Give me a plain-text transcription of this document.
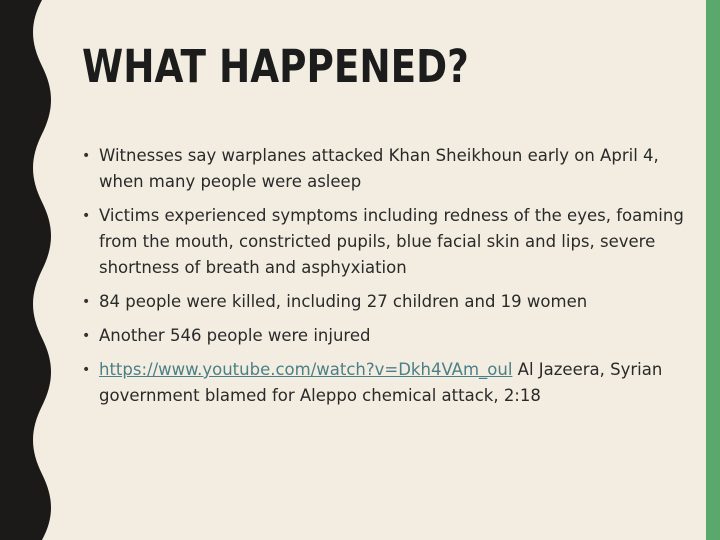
WHAT HAPPENED?
• Witnesses say warplanes attacked Khan Sheikhoun early on April 4, when many people were asleep
• Victims experienced symptoms including redness of the eyes, foaming from the mouth, constricted pupils, blue facial skin and lips, severe shortness of breath and asphyxiation
• 84 people were killed, including 27 children and 19 women
• Another 546 people were injured
• https://www.youtube.com/watch?v=Dkh4VAm_oul Al Jazeera, Syrian government blamed for Aleppo chemical attack, 2:18
